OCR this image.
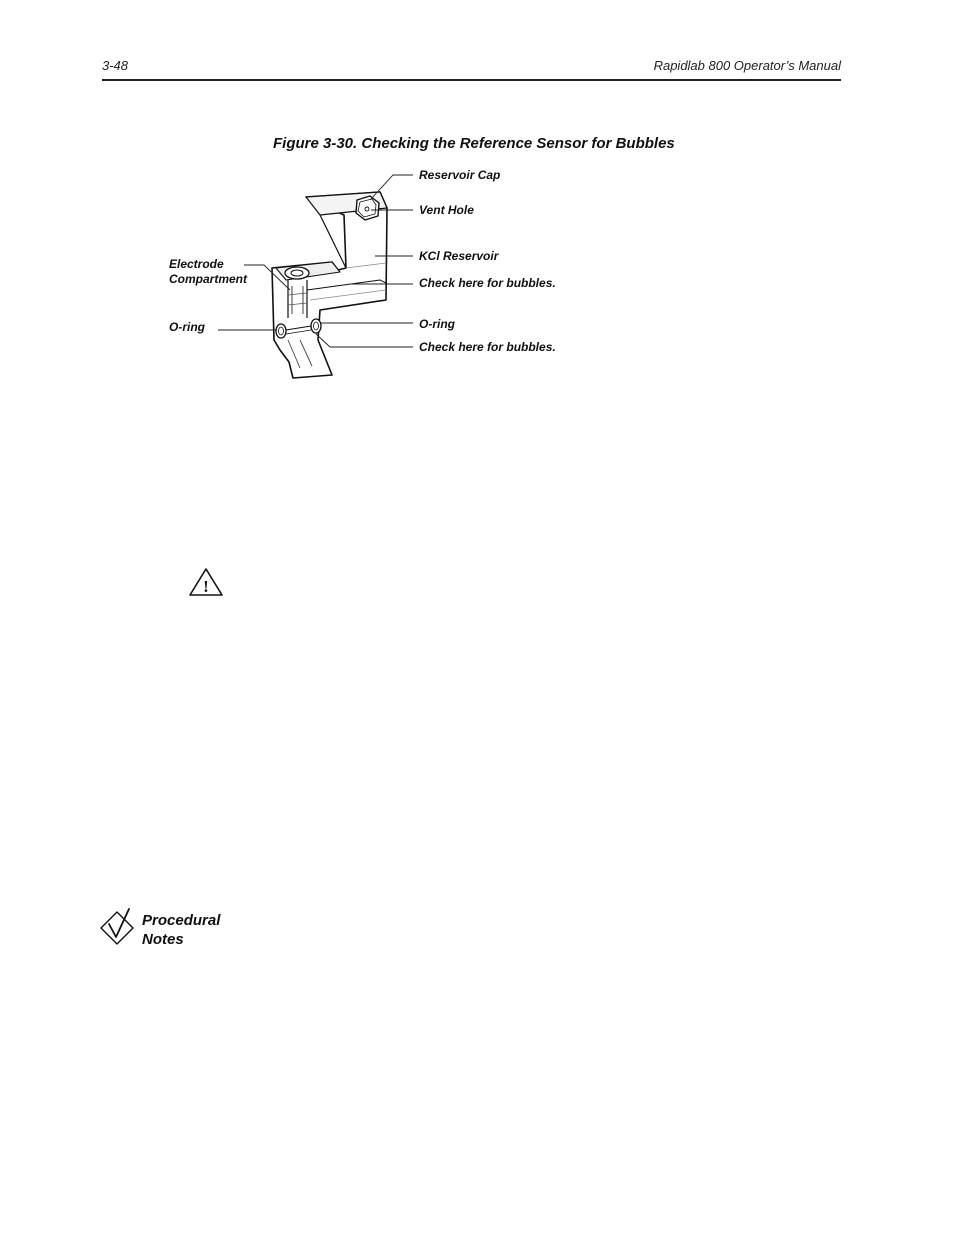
3-48	Rapidlab 800 Operator’s Manual
Figure 3-30. Checking the Reference Sensor for Bubbles
Reservoir Cap
Vent Hole
KCl Reservoir
Check here for bubbles.
O-ring
Check here for bubbles.
Electrode
Compartment
O-ring
!
Procedural
Notes
